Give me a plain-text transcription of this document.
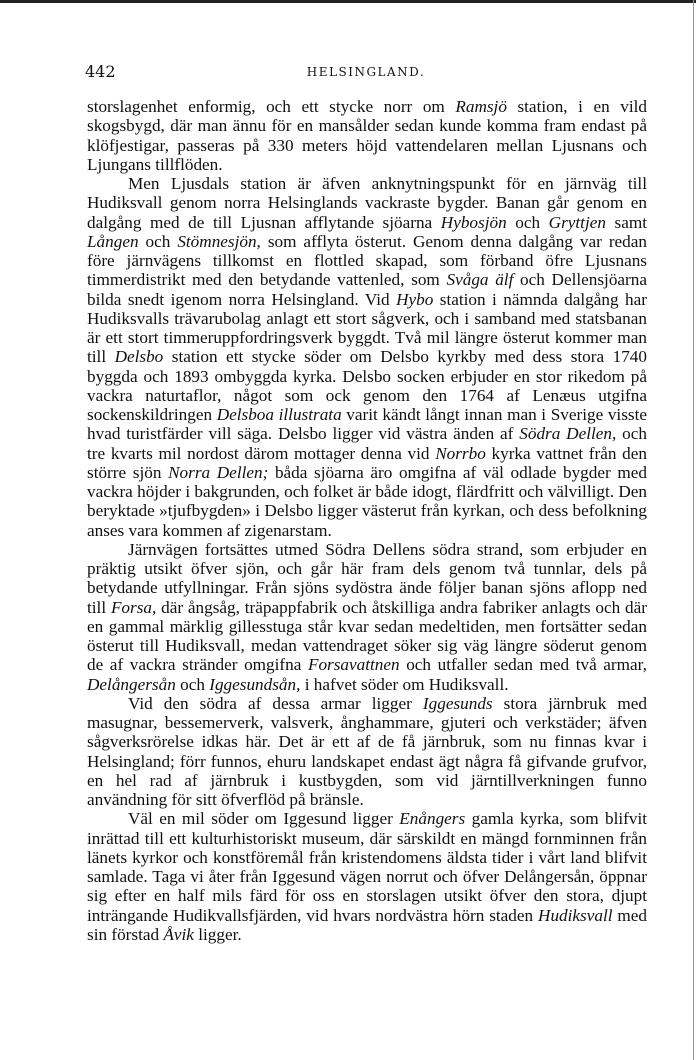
442	HELSINGLAND.

storslagenhet enformig, och ett stycke norr om Ramsjö station, i en vild skogsbygd, där man ännu för en mansålder sedan kunde komma fram endast på klöfjestigar, passeras på 330 meters höjd vattendelaren mellan Ljusnans och Ljungans tillflöden.

Men Ljusdals station är äfven anknytningspunkt för en järnväg till Hudiksvall genom norra Helsinglands vackraste bygder. Banan går genom en dalgång med de till Ljusnan afflytande sjöarna Hybosjön och Gryttjen samt Lången och Stömnesjön, som afflyta österut. Genom denna dalgång var redan före järnvägens tillkomst en flottled skapad, som förband öfre Ljusnans timmerdistrikt med den betydande vattenled, som Svåga älf och Dellensjöarna bilda snedt igenom norra Helsingland. Vid Hybo station i nämnda dalgång har Hudiksvalls trävarubolag anlagt ett stort sågverk, och i samband med statsbanan är ett stort timmeruppfordringsverk byggdt. Två mil längre österut kommer man till Delsbo station ett stycke söder om Delsbo kyrkby med dess stora 1740 byggda och 1893 ombyggda kyrka. Delsbo socken erbjuder en stor rikedom på vackra naturtaflor, något som ock genom den 1764 af Lenæus utgifna sockenskildringen Delsboa illustrata varit kändt långt innan man i Sverige visste hvad turistfärder vill säga. Delsbo ligger vid västra änden af Södra Dellen, och tre kvarts mil nordost därom mottager denna vid Norrbo kyrka vattnet från den större sjön Norra Dellen; båda sjöarna äro omgifna af väl odlade bygder med vackra höjder i bakgrunden, och folket är både idogt, flärdfritt och välvilligt. Den beryktade »tjufbygden» i Delsbo ligger västerut från kyrkan, och dess befolkning anses vara kommen af zigenarstam.

Järnvägen fortsättes utmed Södra Dellens södra strand, som erbjuder en präktig utsikt öfver sjön, och går här fram dels genom två tunnlar, dels på betydande utfyllningar. Från sjöns sydöstra ände följer banan sjöns aflopp ned till Forsa, där ångsåg, träpappfabrik och åtskilliga andra fabriker anlagts och där en gammal märklig gillesstuga står kvar sedan medeltiden, men fortsätter sedan österut till Hudiksvall, medan vattendraget söker sig väg längre söderut genom de af vackra stränder omgifna Forsavattnen och utfaller sedan med två armar, Delångersån och Iggesundsån, i hafvet söder om Hudiksvall.

Vid den södra af dessa armar ligger Iggesunds stora järnbruk med masugnar, bessemerverk, valsverk, ånghammare, gjuteri och verkstäder; äfven sågverksrörelse idkas här. Det är ett af de få järnbruk, som nu finnas kvar i Helsingland; förr funnos, ehuru landskapet endast ägt några få gifvande grufvor, en hel rad af järnbruk i kustbygden, som vid järntillverkningen funno användning för sitt öfverflöd på bränsle.

Väl en mil söder om Iggesund ligger Enångers gamla kyrka, som blifvit inrättad till ett kulturhistoriskt museum, där särskildt en mängd fornminnen från länets kyrkor och konstföremål från kristendomens äldsta tider i vårt land blifvit samlade. Taga vi åter från Iggesund vägen norrut och öfver Delångersån, öppnar sig efter en half mils färd för oss en storslagen utsikt öfver den stora, djupt inträngande Hudikvallsfjärden, vid hvars nordvästra hörn staden Hudiksvall med sin förstad Åvik ligger.
